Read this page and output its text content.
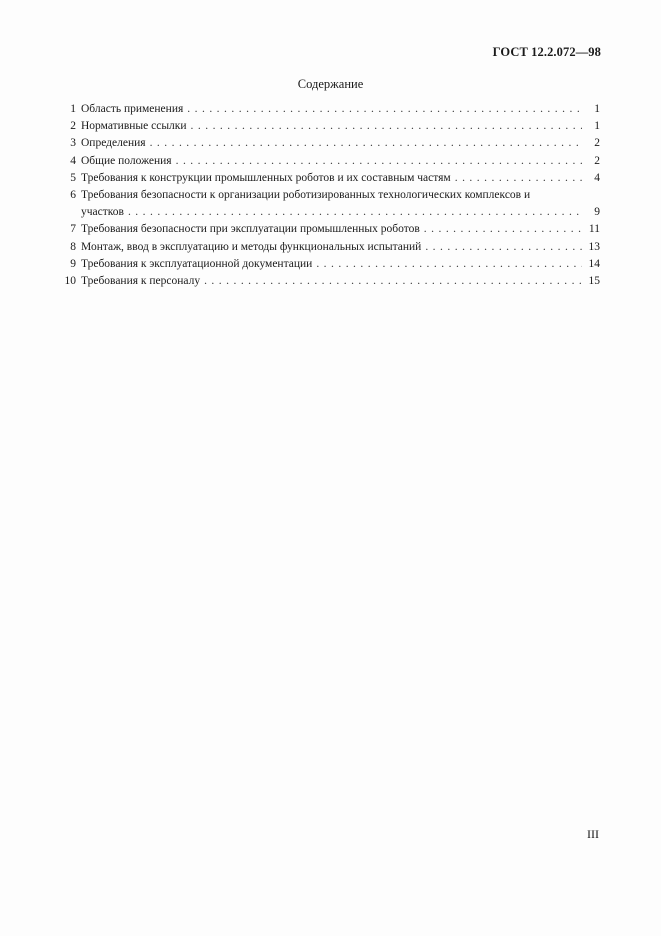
ГОСТ 12.2.072—98
Содержание
1 Область применения . . .	1
2 Нормативные ссылки . . .	1
3 Определения . . .	2
4 Общие положения . . .	2
5 Требования к конструкции промышленных роботов и их составным частям . . .	4
6 Требования безопасности к организации роботизированных технологических комплексов и
участков . . .	9
7 Требования безопасности при эксплуатации промышленных роботов . . .	11
8 Монтаж, ввод в эксплуатацию и методы функциональных испытаний . . .	13
9 Требования к эксплуатационной документации . . .	14
10 Требования к персоналу . . .	15
III
